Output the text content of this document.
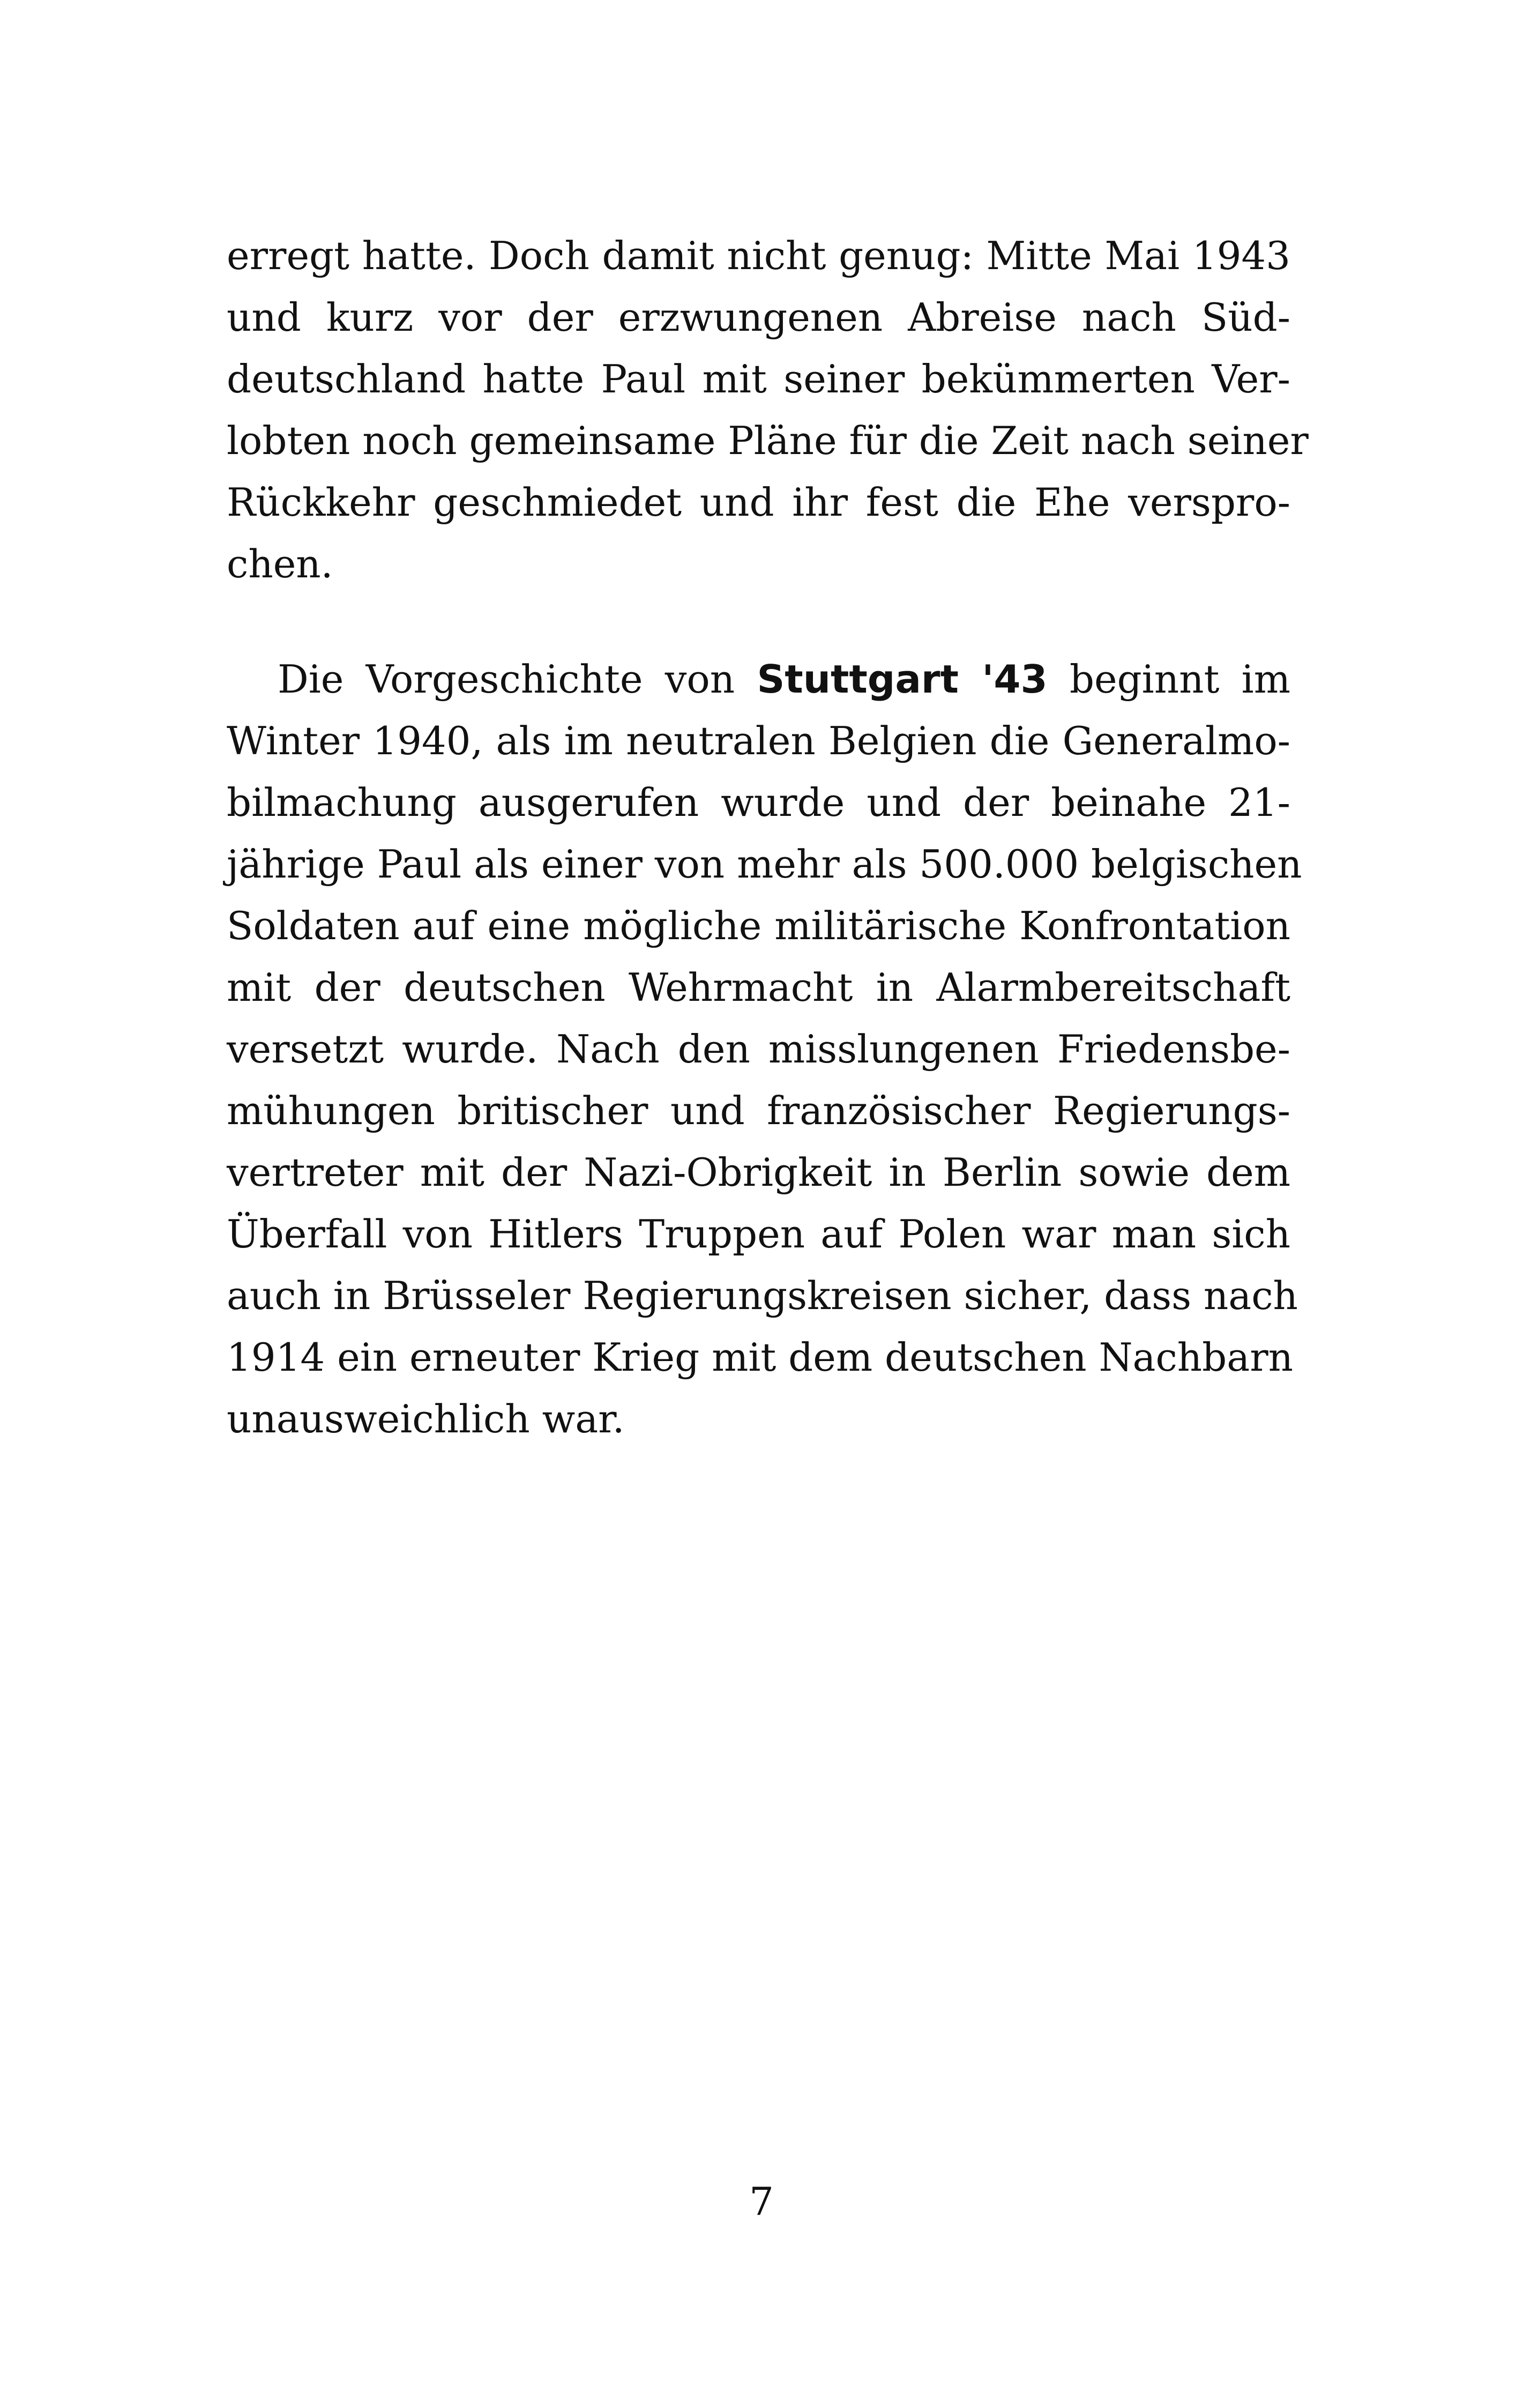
erregt hatte. Doch damit nicht genug: Mitte Mai 1943
und kurz vor der erzwungenen Abreise nach Süd-
deutschland hatte Paul mit seiner bekümmerten Ver-
lobten noch gemeinsame Pläne für die Zeit nach seiner
Rückkehr geschmiedet und ihr fest die Ehe verspro-
chen.
Die Vorgeschichte von Stuttgart '43 beginnt im
Winter 1940, als im neutralen Belgien die Generalmo-
bilmachung ausgerufen wurde und der beinahe 21-
jährige Paul als einer von mehr als 500.000 belgischen
Soldaten auf eine mögliche militärische Konfrontation
mit der deutschen Wehrmacht in Alarmbereitschaft
versetzt wurde. Nach den misslungenen Friedensbe-
mühungen britischer und französischer Regierungs-
vertreter mit der Nazi-Obrigkeit in Berlin sowie dem
Überfall von Hitlers Truppen auf Polen war man sich
auch in Brüsseler Regierungskreisen sicher, dass nach
1914 ein erneuter Krieg mit dem deutschen Nachbarn
unausweichlich war.
7
